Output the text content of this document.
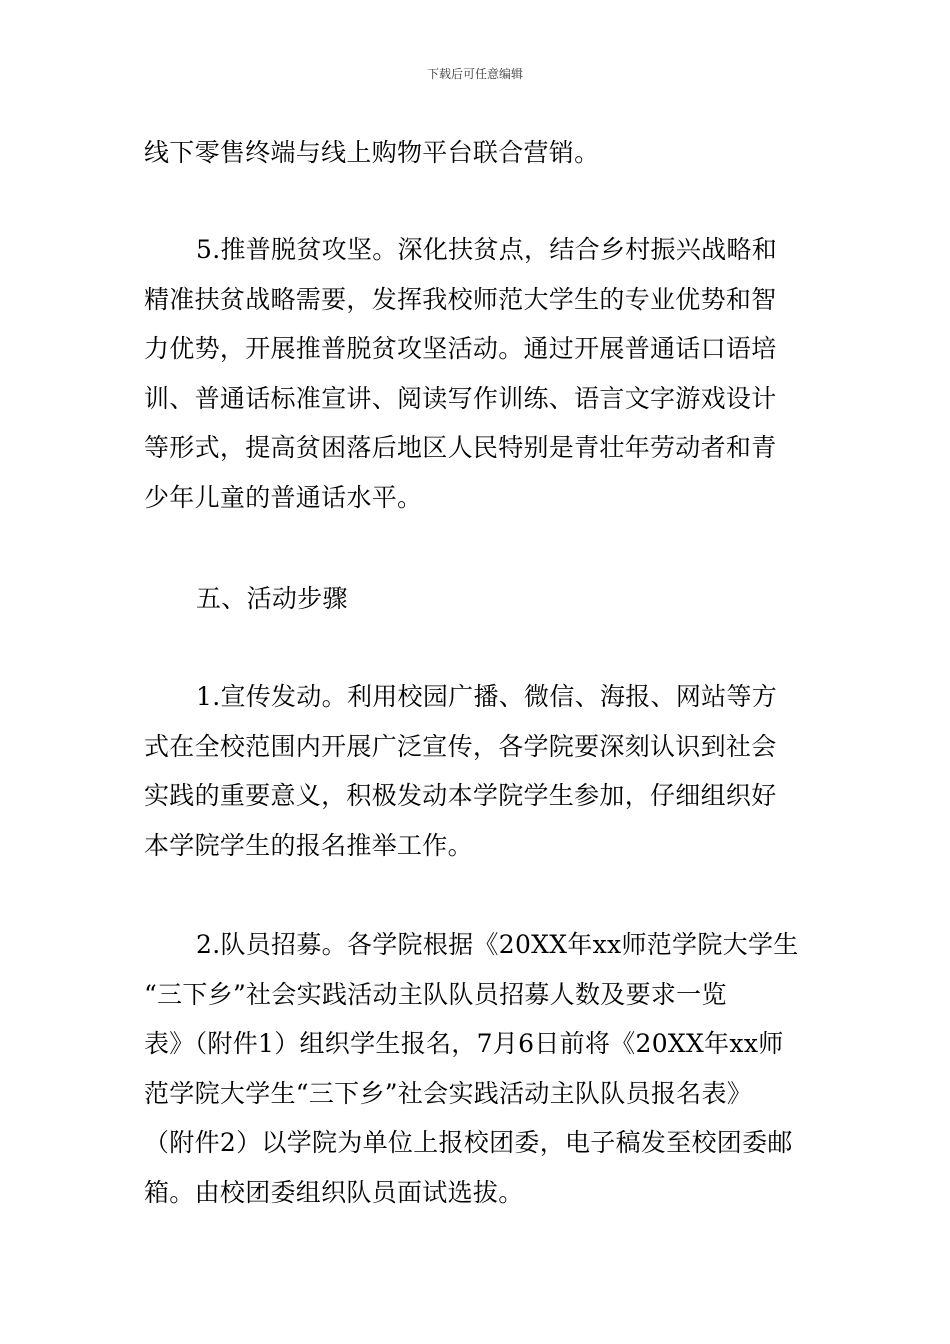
下载后可任意编辑
线下零售终端与线上购物平台联合营销。
5.推普脱贫攻坚。深化扶贫点，结合乡村振兴战略和
精准扶贫战略需要，发挥我校师范大学生的专业优势和智
力优势，开展推普脱贫攻坚活动。通过开展普通话口语培
训、普通话标准宣讲、阅读写作训练、语言文字游戏设计
等形式，提高贫困落后地区人民特别是青壮年劳动者和青
少年儿童的普通话水平。
五、活动步骤
1.宣传发动。利用校园广播、微信、海报、网站等方
式在全校范围内开展广泛宣传，各学院要深刻认识到社会
实践的重要意义，积极发动本学院学生参加，仔细组织好
本学院学生的报名推举工作。
2.队员招募。各学院根据《20XX年xx师范学院大学生
“三下乡”社会实践活动主队队员招募人数及要求一览
表》（附件1）组织学生报名，7月6日前将《20XX年xx师
范学院大学生“三下乡”社会实践活动主队队员报名表》
（附件2）以学院为单位上报校团委，电子稿发至校团委邮
箱。由校团委组织队员面试选拔。
